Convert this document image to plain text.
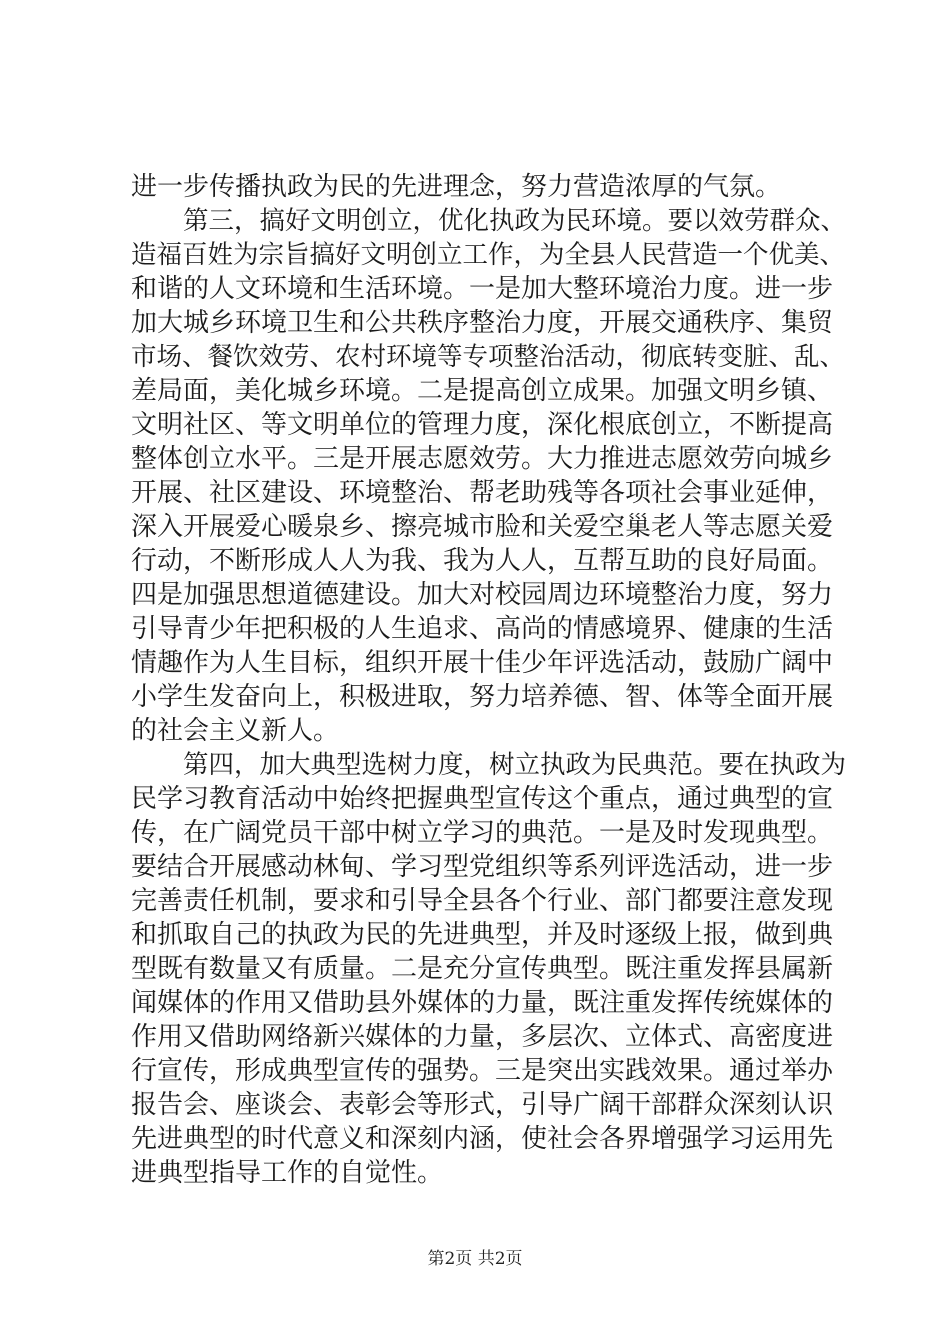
进一步传播执政为民的先进理念，努力营造浓厚的气氛。
第三，搞好文明创立，优化执政为民环境。要以效劳群众、
造福百姓为宗旨搞好文明创立工作，为全县人民营造一个优美、
和谐的人文环境和生活环境。一是加大整环境治力度。进一步
加大城乡环境卫生和公共秩序整治力度，开展交通秩序、集贸
市场、餐饮效劳、农村环境等专项整治活动，彻底转变脏、乱、
差局面，美化城乡环境。二是提高创立成果。加强文明乡镇、
文明社区、等文明单位的管理力度，深化根底创立，不断提高
整体创立水平。三是开展志愿效劳。大力推进志愿效劳向城乡
开展、社区建设、环境整治、帮老助残等各项社会事业延伸，
深入开展爱心暖泉乡、擦亮城市脸和关爱空巢老人等志愿关爱
行动，不断形成人人为我、我为人人，互帮互助的良好局面。
四是加强思想道德建设。加大对校园周边环境整治力度，努力
引导青少年把积极的人生追求、高尚的情感境界、健康的生活
情趣作为人生目标，组织开展十佳少年评选活动，鼓励广阔中
小学生发奋向上，积极进取，努力培养德、智、体等全面开展
的社会主义新人。
第四，加大典型选树力度，树立执政为民典范。要在执政为
民学习教育活动中始终把握典型宣传这个重点，通过典型的宣
传，在广阔党员干部中树立学习的典范。一是及时发现典型。
要结合开展感动林甸、学习型党组织等系列评选活动，进一步
完善责任机制，要求和引导全县各个行业、部门都要注意发现
和抓取自己的执政为民的先进典型，并及时逐级上报，做到典
型既有数量又有质量。二是充分宣传典型。既注重发挥县属新
闻媒体的作用又借助县外媒体的力量，既注重发挥传统媒体的
作用又借助网络新兴媒体的力量，多层次、立体式、高密度进
行宣传，形成典型宣传的强势。三是突出实践效果。通过举办
报告会、座谈会、表彰会等形式，引导广阔干部群众深刻认识
先进典型的时代意义和深刻内涵，使社会各界增强学习运用先
进典型指导工作的自觉性。
第2页 共2页
